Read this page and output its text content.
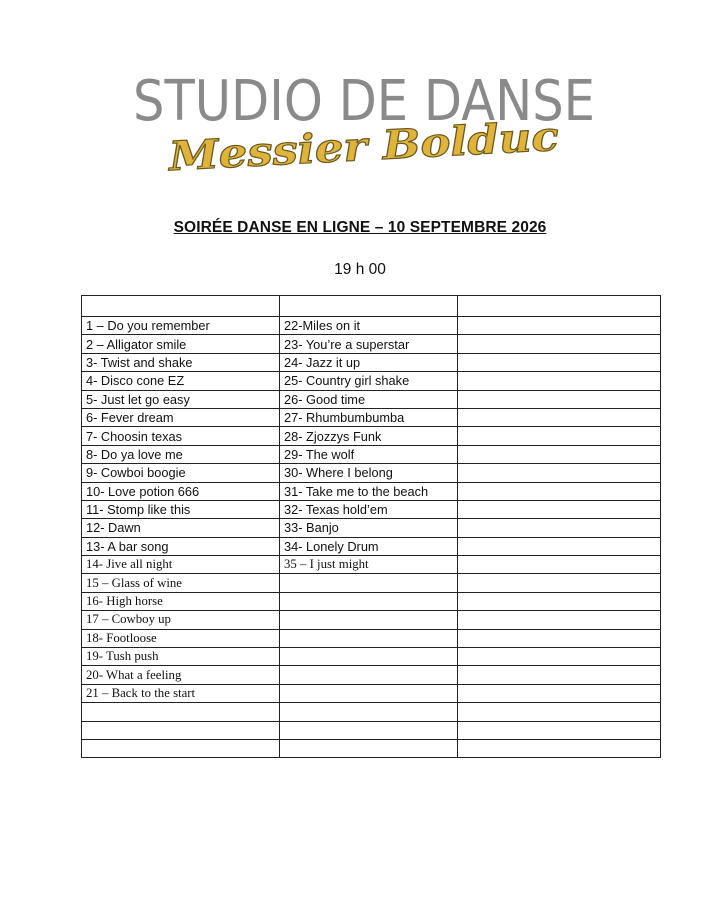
STUDIO DE DANSE
Messier Bolduc
SOIRÉE DANSE EN LIGNE – 10 SEPTEMBRE 2026
19 h 00

1 – Do you remember	22-Miles on it	
2 – Alligator smile	23- You’re a superstar	
3- Twist and shake	24- Jazz it up	
4- Disco cone EZ	25- Country girl shake	
5- Just let go easy	26- Good time	
6- Fever dream	27- Rhumbumbumba	
7- Choosin texas	28- Zjozzys Funk	
8- Do ya love me	29- The wolf	
9- Cowboi boogie	30- Where I belong	
10- Love potion 666	31- Take me to the beach	
11- Stomp like this	32- Texas hold’em	
12- Dawn	33- Banjo	
13- A bar song	34- Lonely Drum	
14- Jive all night	35 – I just might	
15 – Glass of wine		
16- High horse		
17 – Cowboy up		
18- Footloose		
19- Tush push		
20- What a feeling		
21 – Back to the start		
